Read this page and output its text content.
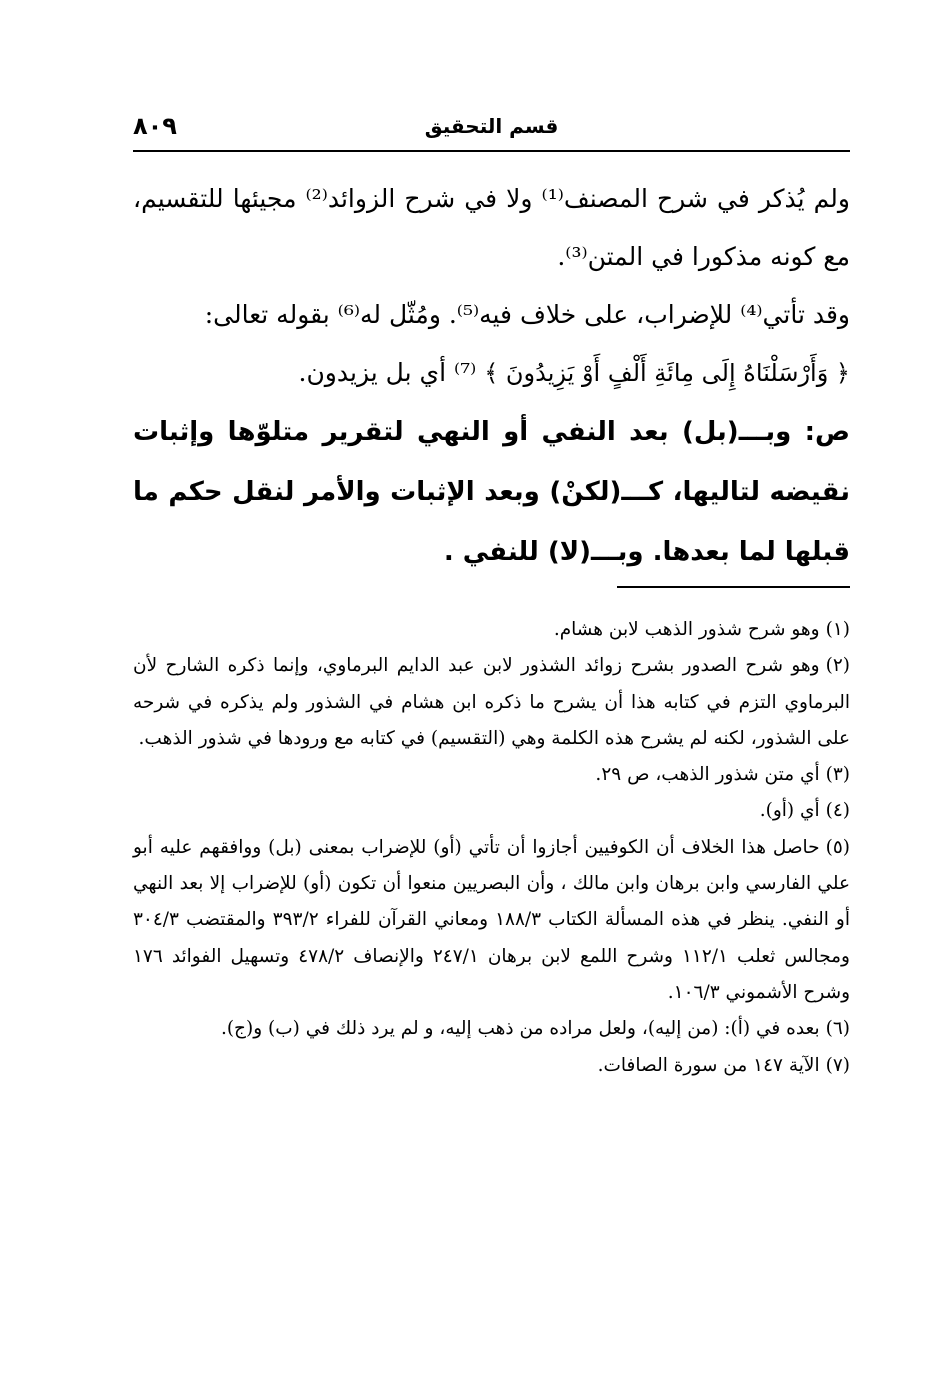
قسم التحقيق
٨٠٩

ولم يُذكر في شرح المصنف⁽¹⁾ ولا في شرح الزوائد⁽²⁾ مجيئها للتقسيم، مع كونه مذكورا في المتن⁽³⁾.

وقد تأتي⁽⁴⁾ للإضراب، على خلاف فيه⁽⁵⁾. ومُثّل له⁽⁶⁾ بقوله تعالى:
﴿ وَأَرْسَلْنَاهُ إِلَى مِائَةِ أَلْفٍ أَوْ يَزِيدُونَ ﴾ ⁽⁷⁾ أي بل يزيدون.

ص: وبـــ(بل) بعد النفي أو النهي لتقرير متلوّها وإثبات نقيضه لتاليها، كـــ(لكنْ) وبعد الإثبات والأمر لنقل حكم ما قبلها لما بعدها. وبـــ(لا) للنفي .

(١)وهو شرح شذور الذهب لابن هشام.

(٢)وهو شرح الصدور بشرح زوائد الشذور لابن عبد الدايم البرماوي، وإنما ذكره الشارح لأن البرماوي التزم في كتابه هذا أن يشرح ما ذكره ابن هشام في الشذور ولم يذكره في شرحه على الشذور، لكنه لم يشرح هذه الكلمة وهي (التقسيم) في كتابه مع ورودها في شذور الذهب.

(٣)أي متن شذور الذهب، ص ٢٩.

(٤)أي (أو).

(٥)حاصل هذا الخلاف أن الكوفيين أجازوا أن تأتي (أو) للإضراب بمعنى (بل) ووافقهم عليه أبو علي الفارسي وابن برهان وابن مالك ، وأن البصريين منعوا أن تكون (أو) للإضراب إلا بعد النهي أو النفي. ينظر في هذه المسألة الكتاب ١٨٨/٣ ومعاني القرآن للفراء ٣٩٣/٢ والمقتضب ٣٠٤/٣ ومجالس ثعلب ١١٢/١ وشرح اللمع لابن برهان ٢٤٧/١ والإنصاف ٤٧٨/٢ وتسهيل الفوائد ١٧٦ وشرح الأشموني ١٠٦/٣.

(٦)بعده في (أ): (من إليه)، ولعل مراده من ذهب إليه، و لم يرد ذلك في (ب) و(ج).

(٧)الآية ١٤٧ من سورة الصافات.
